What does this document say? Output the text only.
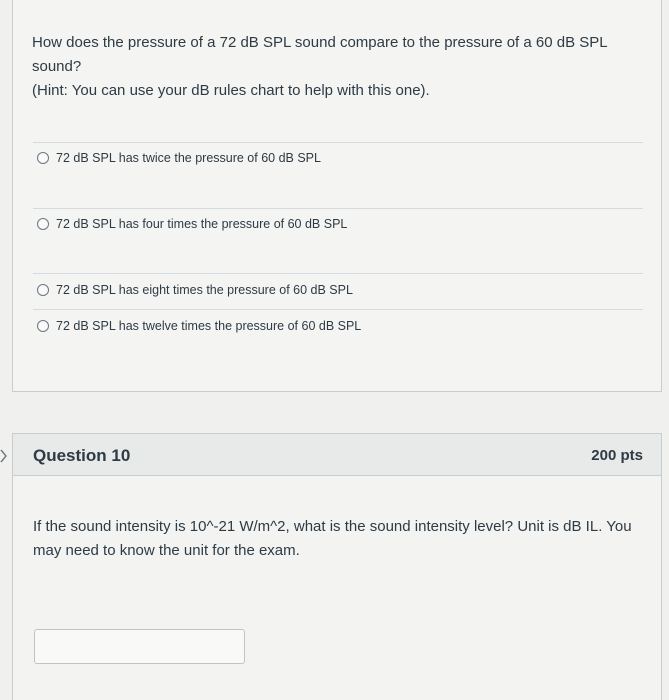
How does the pressure of a 72 dB SPL sound compare to the pressure of a 60 dB SPL sound?
(Hint: You can use your dB rules chart to help with this one).

72 dB SPL has twice the pressure of 60 dB SPL
72 dB SPL has four times the pressure of 60 dB SPL
72 dB SPL has eight times the pressure of 60 dB SPL
72 dB SPL has twelve times the pressure of 60 dB SPL
Question 10	200 pts

If the sound intensity is 10^-21 W/m^2, what is the sound intensity level? Unit is dB IL. You
may need to know the unit for the exam.
